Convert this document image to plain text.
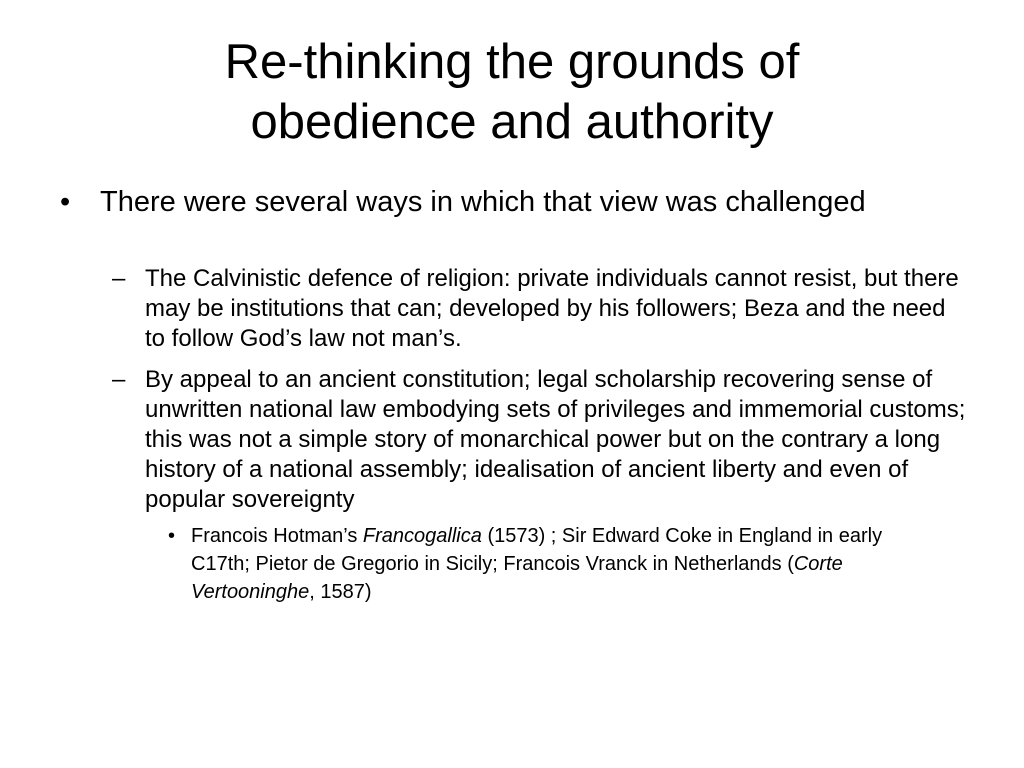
Re-thinking the grounds of
obedience and authority
• There were several ways in which that view was challenged
– The Calvinistic defence of religion: private individuals cannot resist, but there may be institutions that can; developed by his followers; Beza and the need to follow God’s law not man’s.
– By appeal to an ancient constitution; legal scholarship recovering sense of unwritten national law embodying sets of privileges and immemorial customs; this was not a simple story of monarchical power but on the contrary a long history of a national assembly; idealisation of ancient liberty and even of popular sovereignty
• Francois Hotman’s Francogallica (1573) ; Sir Edward Coke in England in early C17th; Pietor de Gregorio in Sicily; Francois Vranck in Netherlands (Corte Vertooninghe, 1587)
